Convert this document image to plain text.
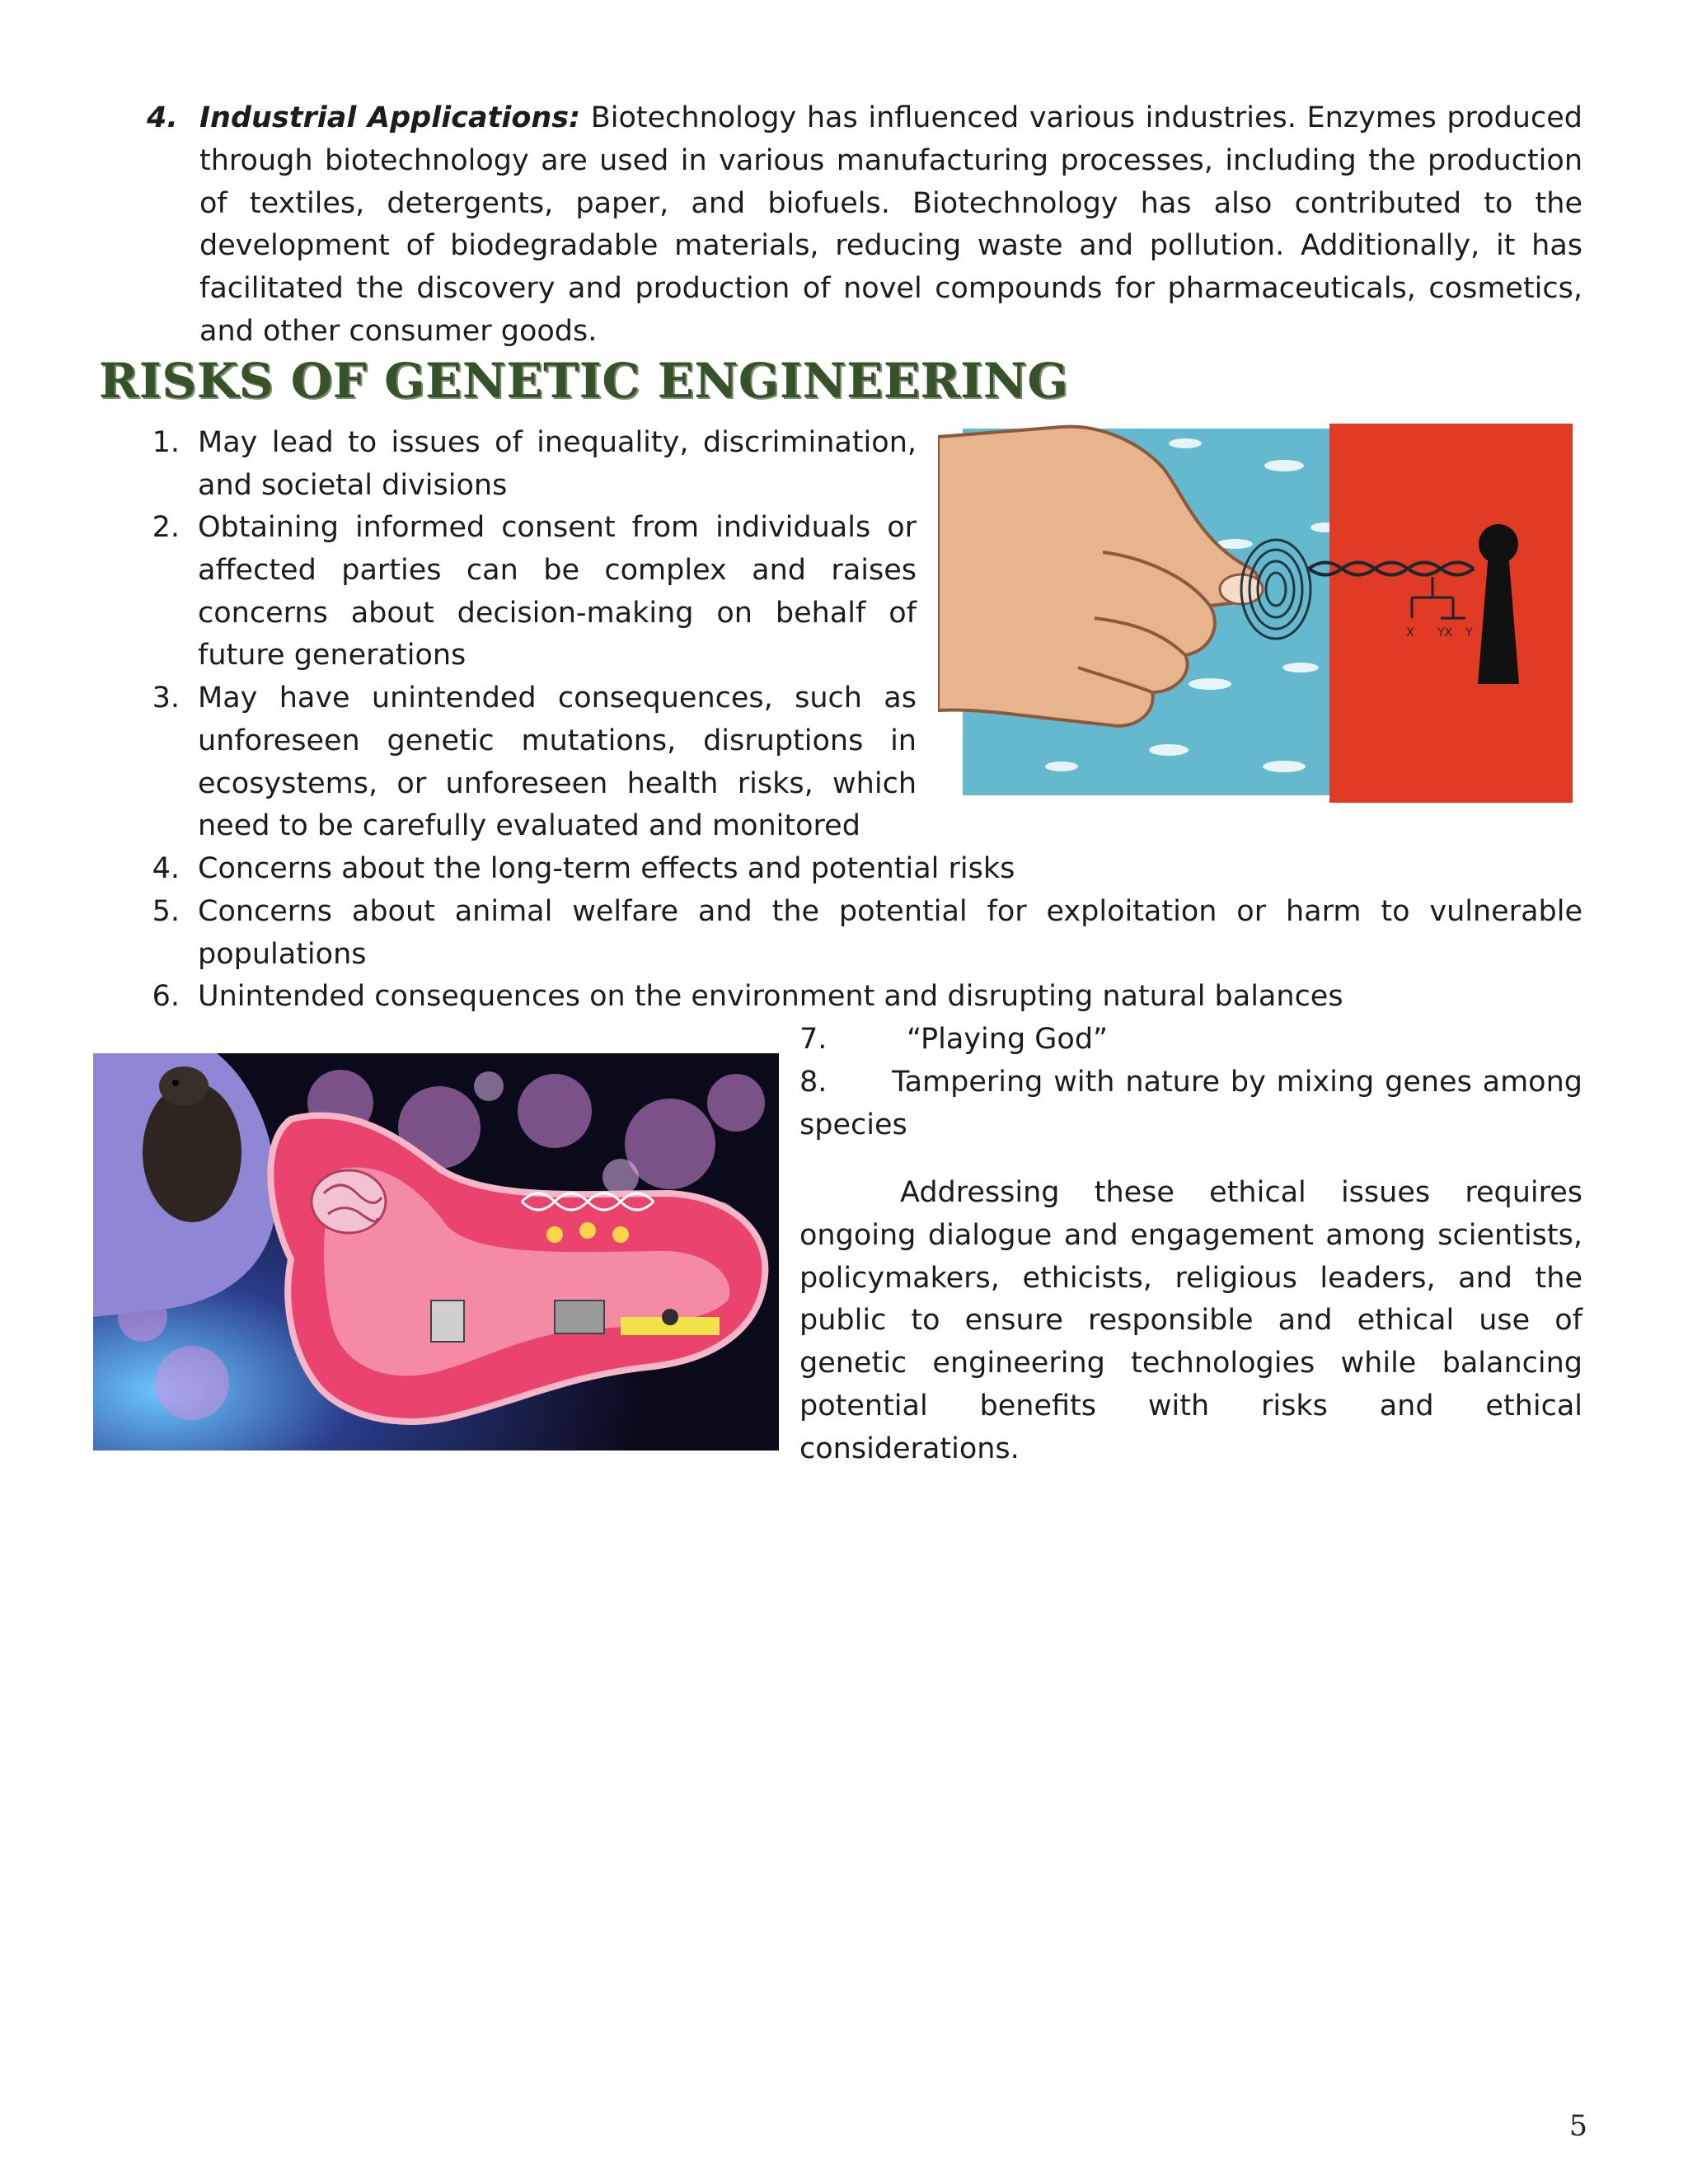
4. Industrial Applications: Biotechnology has influenced various industries. Enzymes produced through biotechnology are used in various manufacturing processes, including the production of textiles, detergents, paper, and biofuels. Biotechnology has also contributed to the development of biodegradable materials, reducing waste and pollution. Additionally, it has facilitated the discovery and production of novel compounds for pharmaceuticals, cosmetics, and other consumer goods.
RISKS OF GENETIC ENGINEERING
1. May lead to issues of inequality, discrimination, and societal divisions
2. Obtaining informed consent from individuals or affected parties can be complex and raises concerns about decision-making on behalf of future generations
3. May have unintended consequences, such as unforeseen genetic mutations, disruptions in ecosystems, or unforeseen health risks, which need to be carefully evaluated and monitored
4. Concerns about the long-term effects and potential risks
5. Concerns about animal welfare and the potential for exploitation or harm to vulnerable populations
6. Unintended consequences on the environment and disrupting natural balances
7.	“Playing God”
8. Tampering with nature by mixing genes among species
Addressing these ethical issues requires ongoing dialogue and engagement among scientists, policymakers, ethicists, religious leaders, and the public to ensure responsible and ethical use of genetic engineering technologies while balancing potential benefits with risks and ethical considerations.
X YX Y
5
